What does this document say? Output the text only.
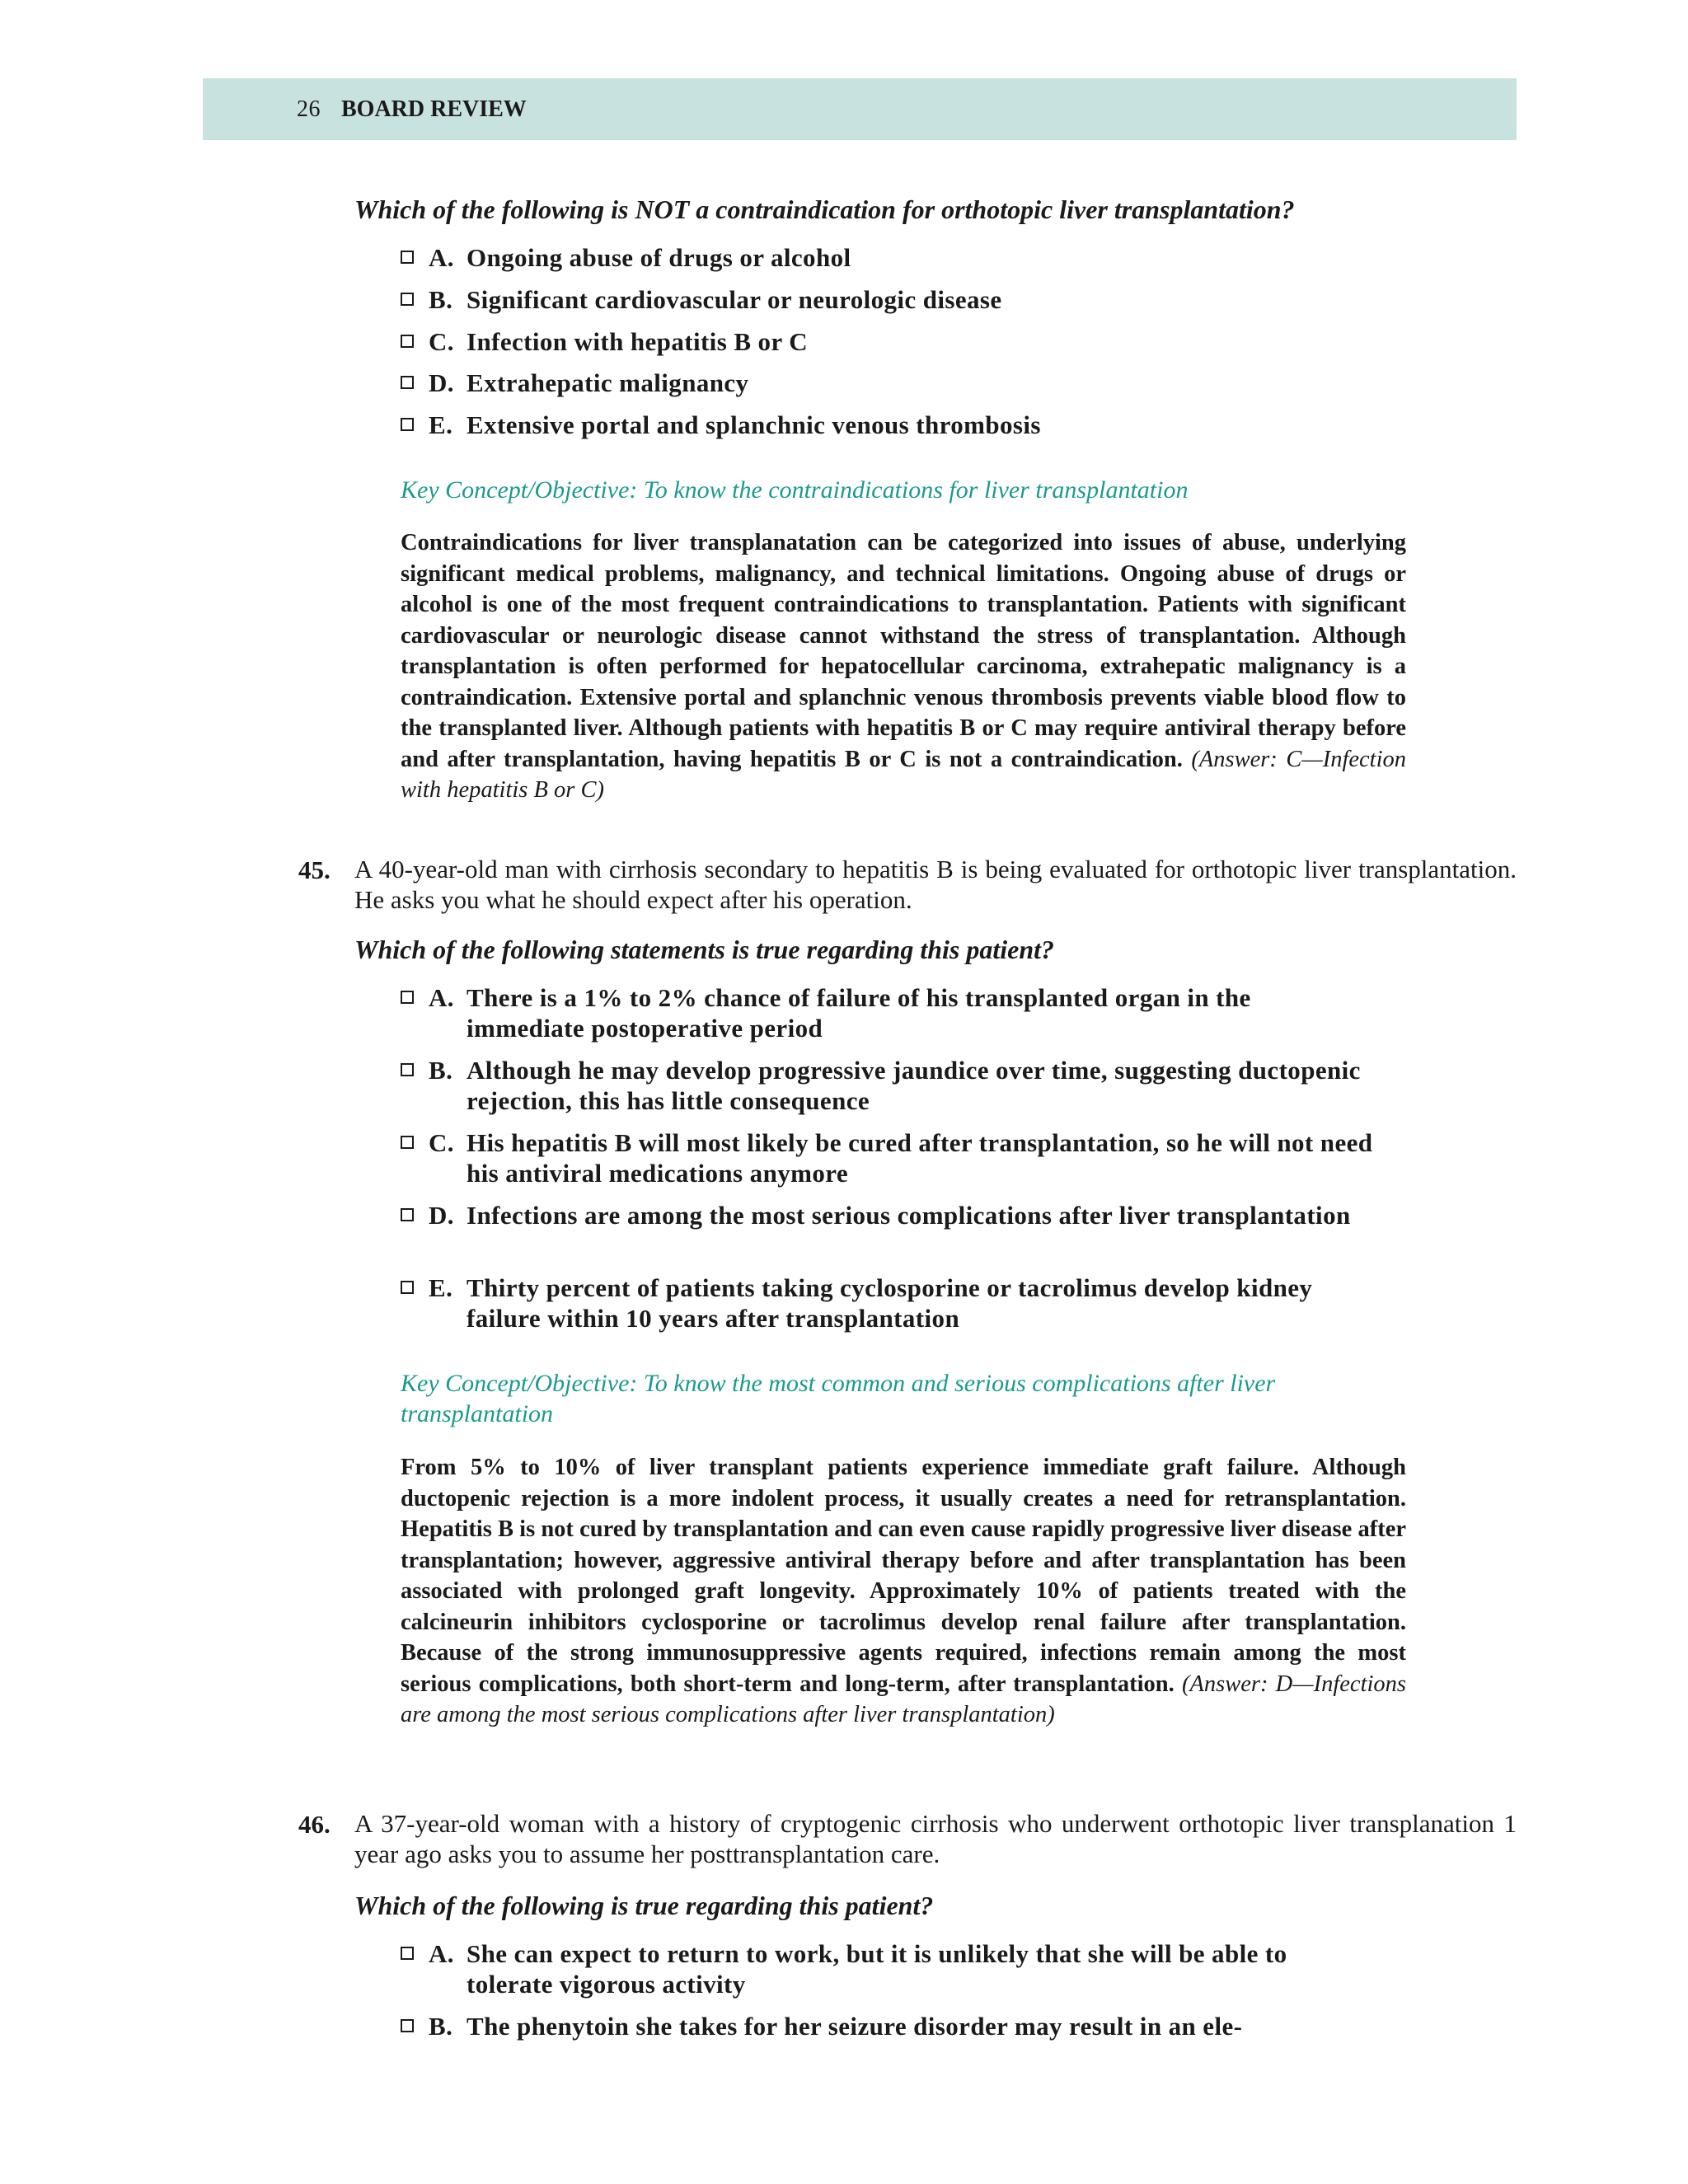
26 BOARD REVIEW
Which of the following is NOT a contraindication for orthotopic liver transplantation?
A. Ongoing abuse of drugs or alcohol
B. Significant cardiovascular or neurologic disease
C. Infection with hepatitis B or C
D. Extrahepatic malignancy
E. Extensive portal and splanchnic venous thrombosis
Key Concept/Objective: To know the contraindications for liver transplantation
Contraindications for liver transplanatation can be categorized into issues of abuse, underlying significant medical problems, malignancy, and technical limitations. Ongoing abuse of drugs or alcohol is one of the most frequent contraindications to transplantation. Patients with significant cardiovascular or neurologic disease cannot withstand the stress of transplantation. Although transplantation is often performed for hepatocellular carcinoma, extrahepatic malignancy is a contraindication. Extensive portal and splanchnic venous thrombosis prevents viable blood flow to the transplanted liver. Although patients with hepatitis B or C may require antiviral therapy before and after transplantation, having hepatitis B or C is not a contraindication. (Answer: C—Infection with hepatitis B or C)
45. A 40-year-old man with cirrhosis secondary to hepatitis B is being evaluated for orthotopic liver transplantation. He asks you what he should expect after his operation.
Which of the following statements is true regarding this patient?
A. There is a 1% to 2% chance of failure of his transplanted organ in the immediate postoperative period
B. Although he may develop progressive jaundice over time, suggesting ductopenic rejection, this has little consequence
C. His hepatitis B will most likely be cured after transplantation, so he will not need his antiviral medications anymore
D. Infections are among the most serious complications after liver transplantation
E. Thirty percent of patients taking cyclosporine or tacrolimus develop kidney failure within 10 years after transplantation
Key Concept/Objective: To know the most common and serious complications after liver transplantation
From 5% to 10% of liver transplant patients experience immediate graft failure. Although ductopenic rejection is a more indolent process, it usually creates a need for retransplantation. Hepatitis B is not cured by transplantation and can even cause rapidly progressive liver disease after transplantation; however, aggressive antiviral therapy before and after transplantation has been associated with prolonged graft longevity. Approximately 10% of patients treated with the calcineurin inhibitors cyclosporine or tacrolimus develop renal failure after transplantation. Because of the strong immunosuppressive agents required, infections remain among the most serious complications, both short-term and long-term, after transplantation. (Answer: D—Infections are among the most serious complications after liver transplantation)
46. A 37-year-old woman with a history of cryptogenic cirrhosis who underwent orthotopic liver transplanation 1 year ago asks you to assume her posttransplantation care.
Which of the following is true regarding this patient?
A. She can expect to return to work, but it is unlikely that she will be able to tolerate vigorous activity
B. The phenytoin she takes for her seizure disorder may result in an ele-
